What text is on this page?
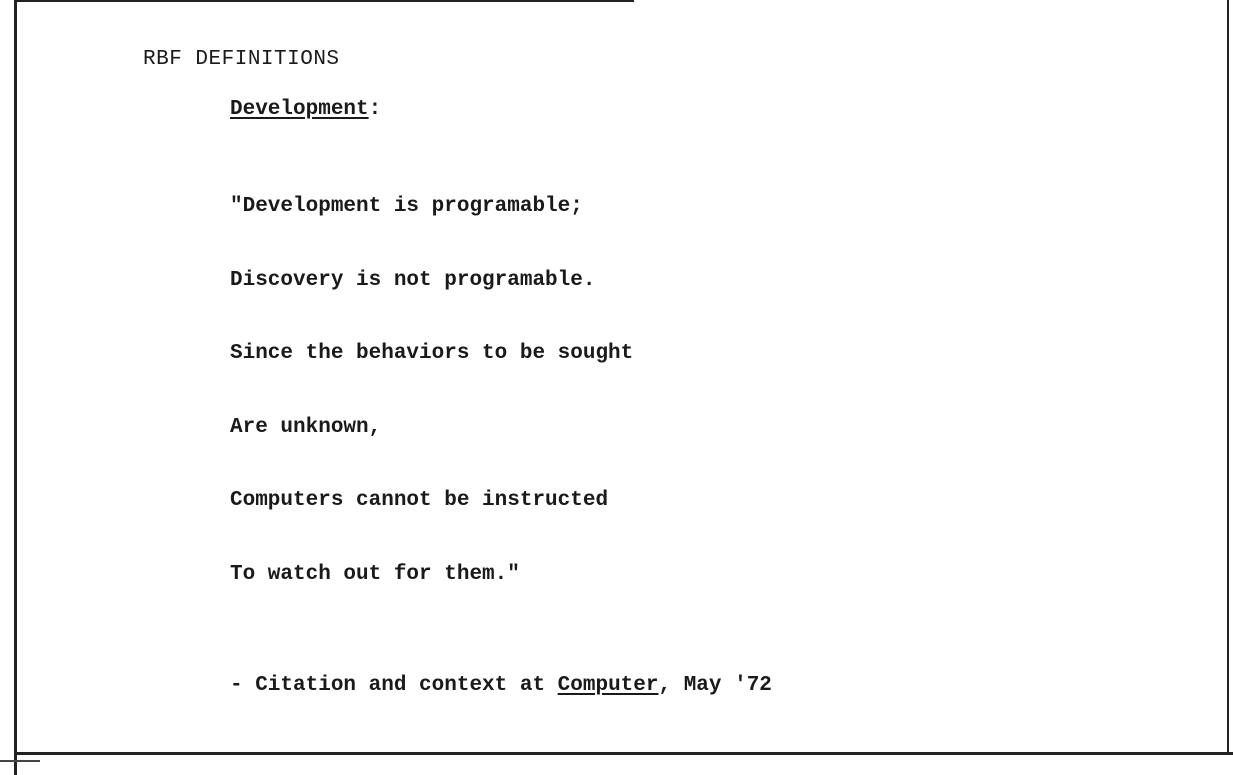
RBF DEFINITIONS
Development:

"Development is programable;

Discovery is not programable.

Since the behaviors to be sought

Are unknown,

Computers cannot be instructed

To watch out for them."

- Citation and context at Computer, May '72
